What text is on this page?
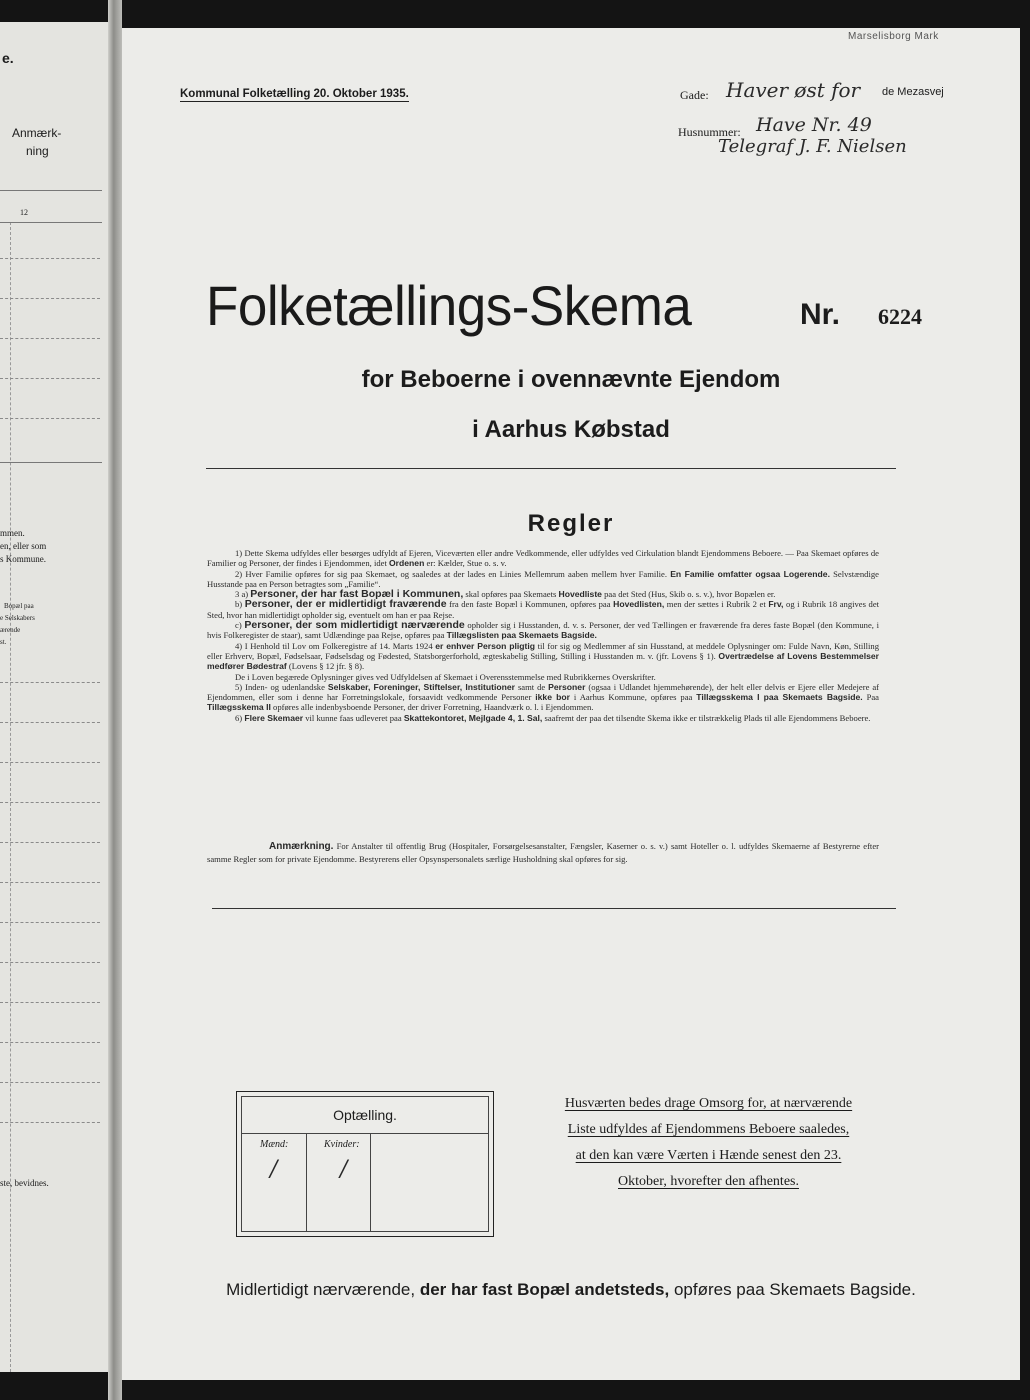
e.
Anmærk-
ning
12
mmen.
en, eller som
s Kommune.
Bopæl paa
e Selskabers
ærende
st.
ste, bevidnes.
Marselisborg Mark
Kommunal Folketælling 20. Oktober 1935.	Gade: Haver øst for de Mezasvej
Husnummer: Have Nr. 49
Telegraf J. F. Nielsen
Folketællings-Skema	Nr. 6224
for Beboerne i ovennævnte Ejendom
i Aarhus Købstad
Regler

1) Dette Skema udfyldes eller besørges udfyldt af Ejeren, Viceværten eller andre Vedkommende, eller udfyldes ved Cirkulation blandt Ejendommens Beboere. — Paa Skemaet opføres de Familier og Personer, der findes i Ejendommen, idet Ordenen er: Kælder, Stue o. s. v.

2) Hver Familie opføres for sig paa Skemaet, og saaledes at der lades en Linies Mellemrum aaben mellem hver Familie. En Familie omfatter ogsaa Logerende. Selvstændige Husstande paa en Person betragtes som „Familie“.

3 a) Personer, der har fast Bopæl i Kommunen, skal opføres paa Skemaets Hovedliste paa det Sted (Hus, Skib o. s. v.), hvor Bopælen er.

b) Personer, der er midlertidigt fraværende fra den faste Bopæl i Kommunen, opføres paa Hovedlisten, men der sættes i Rubrik 2 et Frv, og i Rubrik 18 angives det Sted, hvor han midlertidigt opholder sig, eventuelt om han er paa Rejse.

c) Personer, der som midlertidigt nærværende opholder sig i Husstanden, d. v. s. Personer, der ved Tællingen er fraværende fra deres faste Bopæl (den Kommune, i hvis Folkeregister de staar), samt Udlændinge paa Rejse, opføres paa Tillægslisten paa Skemaets Bagside.

4) I Henhold til Lov om Folkeregistre af 14. Marts 1924 er enhver Person pligtig til for sig og Medlemmer af sin Husstand, at meddele Oplysninger om: Fulde Navn, Køn, Stilling eller Erhverv, Bopæl, Fødselsaar, Fødselsdag og Fødested, Statsborgerforhold, ægteskabelig Stilling, Stilling i Husstanden m. v. (jfr. Lovens § 1). Overtrædelse af Lovens Bestemmelser medfører Bødestraf (Lovens § 12 jfr. § 8).

De i Loven begærede Oplysninger gives ved Udfyldelsen af Skemaet i Overensstemmelse med Rubrikkernes Overskrifter.

5) Inden- og udenlandske Selskaber, Foreninger, Stiftelser, Institutioner samt de Personer (ogsaa i Udlandet hjemmehørende), der helt eller delvis er Ejere eller Medejere af Ejendommen, eller som i denne har Forretningslokale, forsaavidt vedkommende Personer ikke bor i Aarhus Kommune, opføres paa Tillægsskema I paa Skemaets Bagside. Paa Tillægsskema II opføres alle indenbysboende Personer, der driver Forretning, Haandværk o. l. i Ejendommen.

6) Flere Skemaer vil kunne faas udleveret paa Skattekontoret, Mejlgade 4, 1. Sal, saafremt der paa det tilsendte Skema ikke er tilstrækkelig Plads til alle Ejendommens Beboere.

Anmærkning. For Anstalter til offentlig Brug (Hospitaler, Forsørgelsesanstalter, Fængsler, Kaserner o. s. v.) samt Hoteller o. l. udfyldes Skemaerne af Bestyrerne efter samme Regler som for private Ejendomme. Bestyrerens eller Opsynspersonalets særlige Husholdning skal opføres for sig.

Optælling.
Mænd:	Kvinder:
/	/
Husværten bedes drage Omsorg for, at nærværende
Liste udfyldes af Ejendommens Beboere saaledes,
at den kan være Værten i Hænde senest den 23.
Oktober, hvorefter den afhentes.
Midlertidigt nærværende, der har fast Bopæl andetsteds, opføres paa Skemaets Bagside.
